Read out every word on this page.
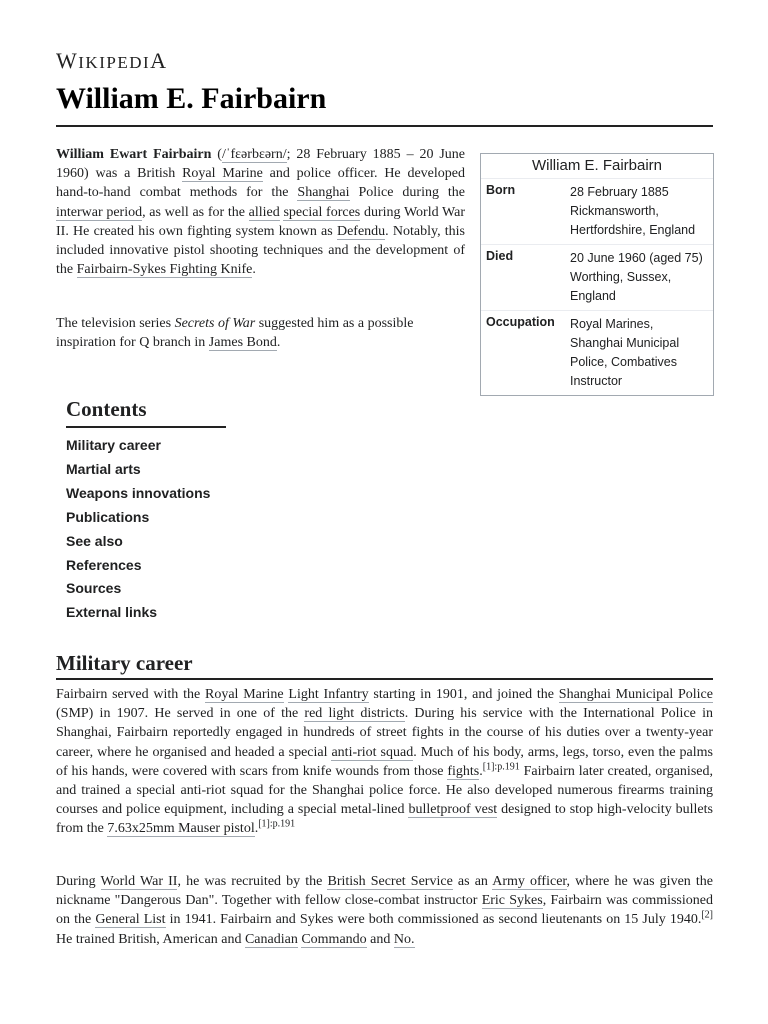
WIKIPEDIA
William E. Fairbairn

William Ewart Fairbairn (/ˈfɛərbɛərn/; 28 February 1885 – 20 June 1960) was a British Royal Marine and police officer. He developed hand-to-hand combat methods for the Shanghai Police during the interwar period, as well as for the allied special forces during World War II. He created his own fighting system known as Defendu. Notably, this included innovative pistol shooting techniques and the development of the Fairbairn-Sykes Fighting Knife.

The television series Secrets of War suggested him as a possible inspiration for Q branch in James Bond.

William E. Fairbairn
Born	28 February 1885
Rickmansworth, Hertfordshire, England

Died	20 June 1960 (aged 75)
Worthing, Sussex, England

Occupation	Royal Marines, Shanghai Municipal Police, Combatives Instructor
Contents
Military career
Martial arts
Weapons innovations
Publications
See also
References
Sources
External links
Military career

Fairbairn served with the Royal Marine Light Infantry starting in 1901, and joined the Shanghai Municipal Police (SMP) in 1907. He served in one of the red light districts. During his service with the International Police in Shanghai, Fairbairn reportedly engaged in hundreds of street fights in the course of his duties over a twenty-year career, where he organised and headed a special anti-riot squad. Much of his body, arms, legs, torso, even the palms of his hands, were covered with scars from knife wounds from those fights.$^{[1]:p.191}$ Fairbairn later created, organised, and trained a special anti-riot squad for the Shanghai police force. He also developed numerous firearms training courses and police equipment, including a special metal-lined bulletproof vest designed to stop high-velocity bullets from the 7.63x25mm Mauser pistol.$^{[1]:p.191}$

During World War II, he was recruited by the British Secret Service as an Army officer, where he was given the nickname "Dangerous Dan". Together with fellow close-combat instructor Eric Sykes, Fairbairn was commissioned on the General List in 1941. Fairbairn and Sykes were both commissioned as second lieutenants on 15 July 1940.[2] He trained British, American and Canadian Commando and No.
